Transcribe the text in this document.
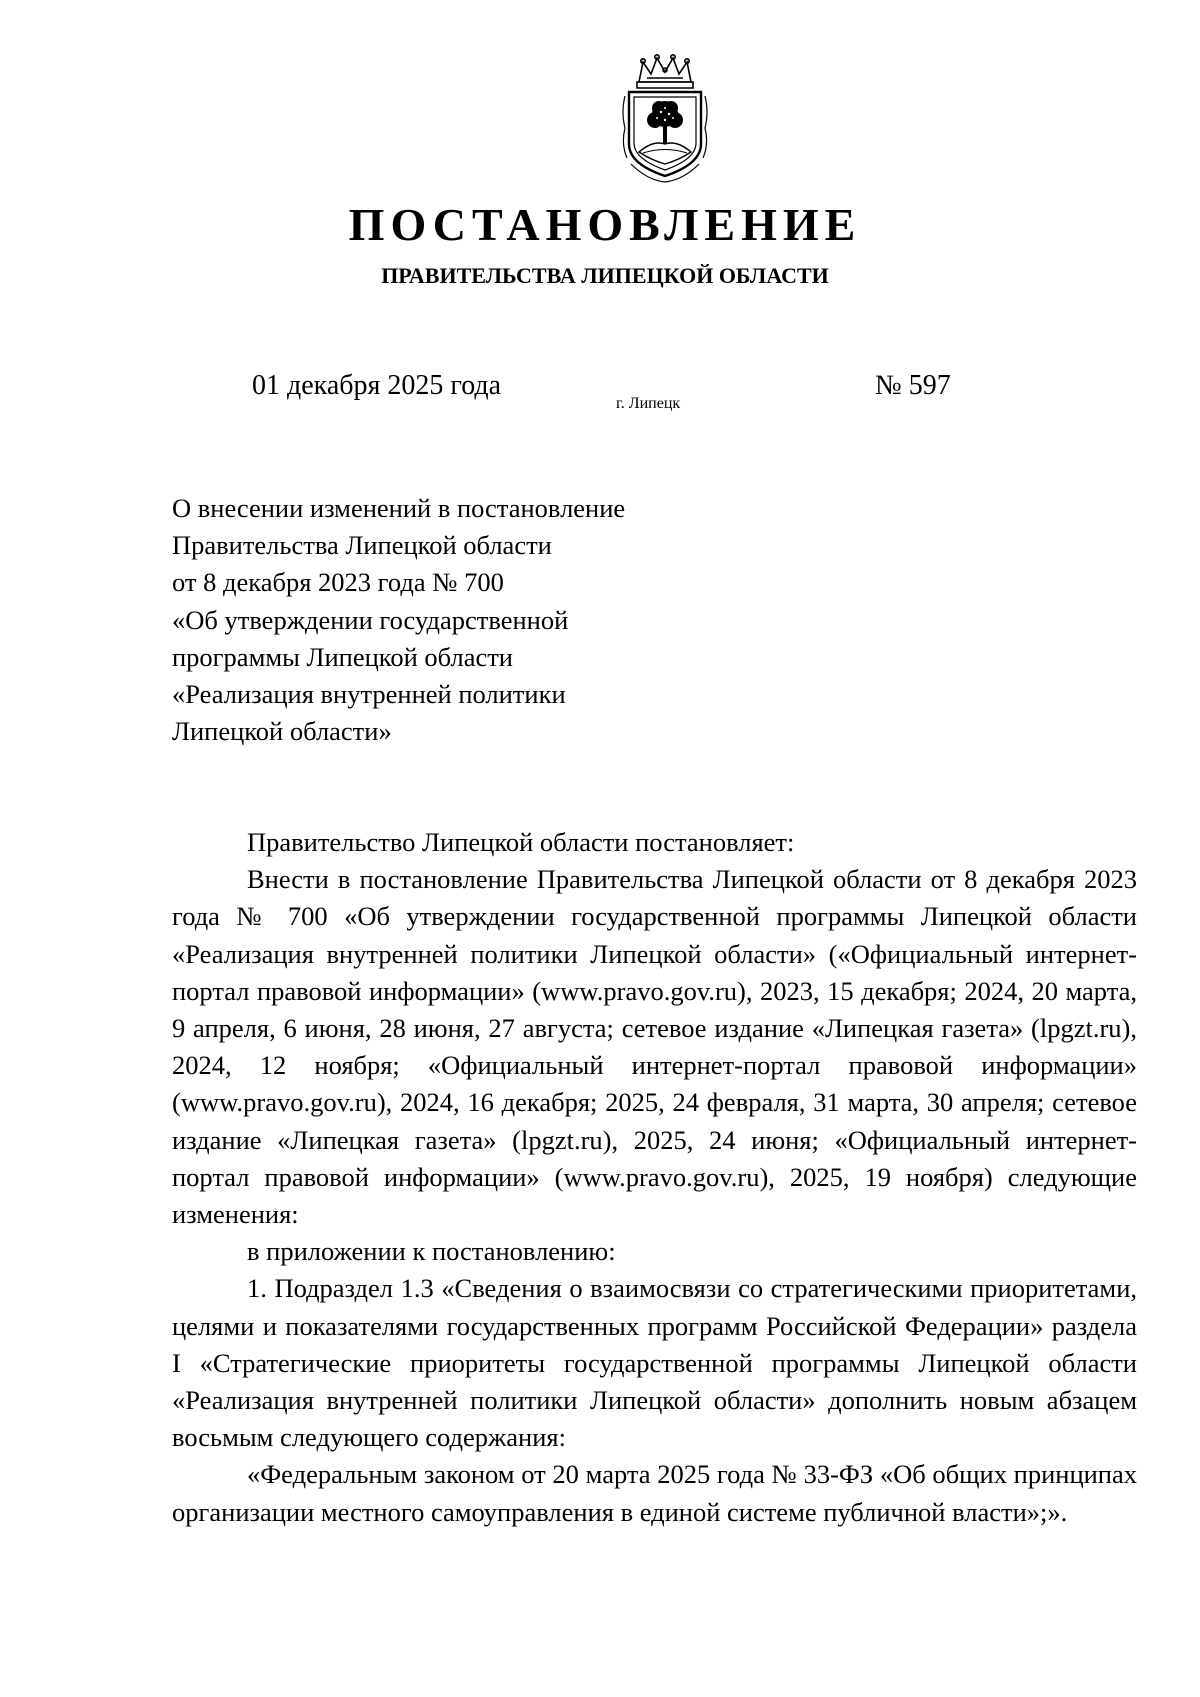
ПОСТАНОВЛЕНИЕ
ПРАВИТЕЛЬСТВА ЛИПЕЦКОЙ ОБЛАСТИ
01 декабря 2025 года
г. Липецк
№ 597
О внесении изменений в постановление
Правительства Липецкой области
от 8 декабря 2023 года № 700
«Об утверждении государственной
программы Липецкой области
«Реализация внутренней политики
Липецкой области»

Правительство Липецкой области постановляет:

Внести в постановление Правительства Липецкой области от 8 декабря 2023 года № 700 «Об утверждении государственной программы Липецкой области «Реализация внутренней политики Липецкой области» («Официальный интернет-портал правовой информации» (www.pravo.gov.ru), 2023, 15 декабря; 2024, 20 марта, 9 апреля, 6 июня, 28 июня, 27 августа; сетевое издание «Липецкая газета» (lpgzt.ru), 2024, 12 ноября; «Официальный интернет-портал правовой информации» (www.pravo.gov.ru), 2024, 16 декабря; 2025, 24 февраля, 31 марта, 30 апреля; сетевое издание «Липецкая газета» (lpgzt.ru), 2025, 24 июня; «Официальный интернет-портал правовой информации» (www.pravo.gov.ru), 2025, 19 ноября) следующие изменения:

в приложении к постановлению:

1. Подраздел 1.3 «Сведения о взаимосвязи со стратегическими приоритетами, целями и показателями государственных программ Российской Федерации» раздела I «Стратегические приоритеты государственной программы Липецкой области «Реализация внутренней политики Липецкой области» дополнить новым абзацем восьмым следующего содержания:

«Федеральным законом от 20 марта 2025 года № 33-ФЗ «Об общих принципах организации местного самоуправления в единой системе публичной власти»;».
